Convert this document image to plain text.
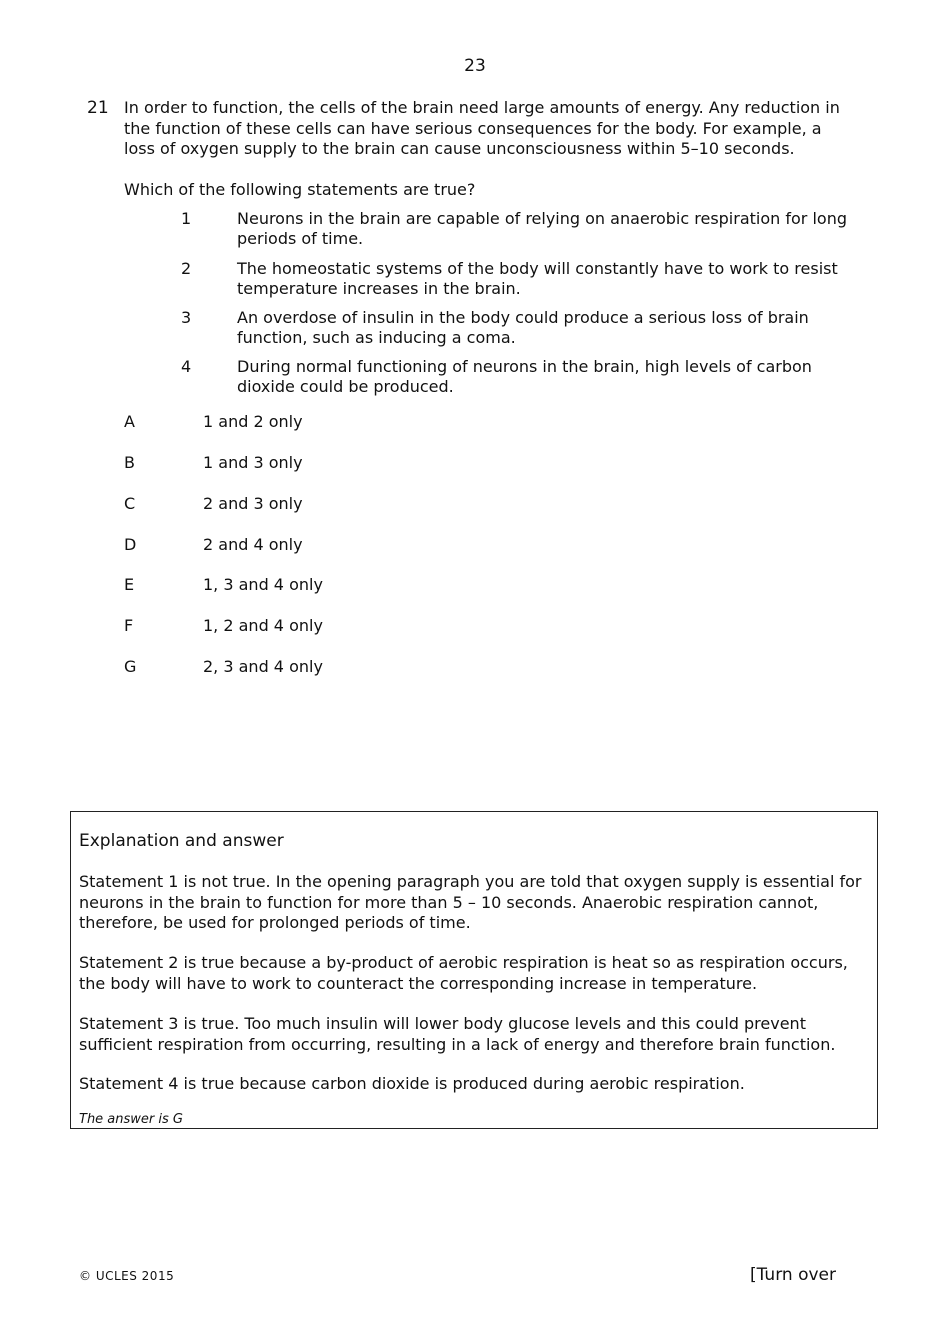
23
21 In order to function, the cells of the brain need large amounts of energy. Any reduction in the function of these cells can have serious consequences for the body. For example, a loss of oxygen supply to the brain can cause unconsciousness within 5–10 seconds.
Which of the following statements are true?
1	Neurons in the brain are capable of relying on anaerobic respiration for long periods of time.
2	The homeostatic systems of the body will constantly have to work to resist temperature increases in the brain.
3	An overdose of insulin in the body could produce a serious loss of brain function, such as inducing a coma.
4	During normal functioning of neurons in the brain, high levels of carbon dioxide could be produced.
A	1 and 2 only
B	1 and 3 only
C	2 and 3 only
D	2 and 4 only
E	1, 3 and 4 only
F	1, 2 and 4 only
G	2, 3 and 4 only
Explanation and answer
Statement 1 is not true. In the opening paragraph you are told that oxygen supply is essential for neurons in the brain to function for more than 5 – 10 seconds. Anaerobic respiration cannot, therefore, be used for prolonged periods of time.
Statement 2 is true because a by-product of aerobic respiration is heat so as respiration occurs, the body will have to work to counteract the corresponding increase in temperature.
Statement 3 is true. Too much insulin will lower body glucose levels and this could prevent sufficient respiration from occurring, resulting in a lack of energy and therefore brain function.
Statement 4 is true because carbon dioxide is produced during aerobic respiration.
The answer is G
© UCLES 2015	[Turn over
